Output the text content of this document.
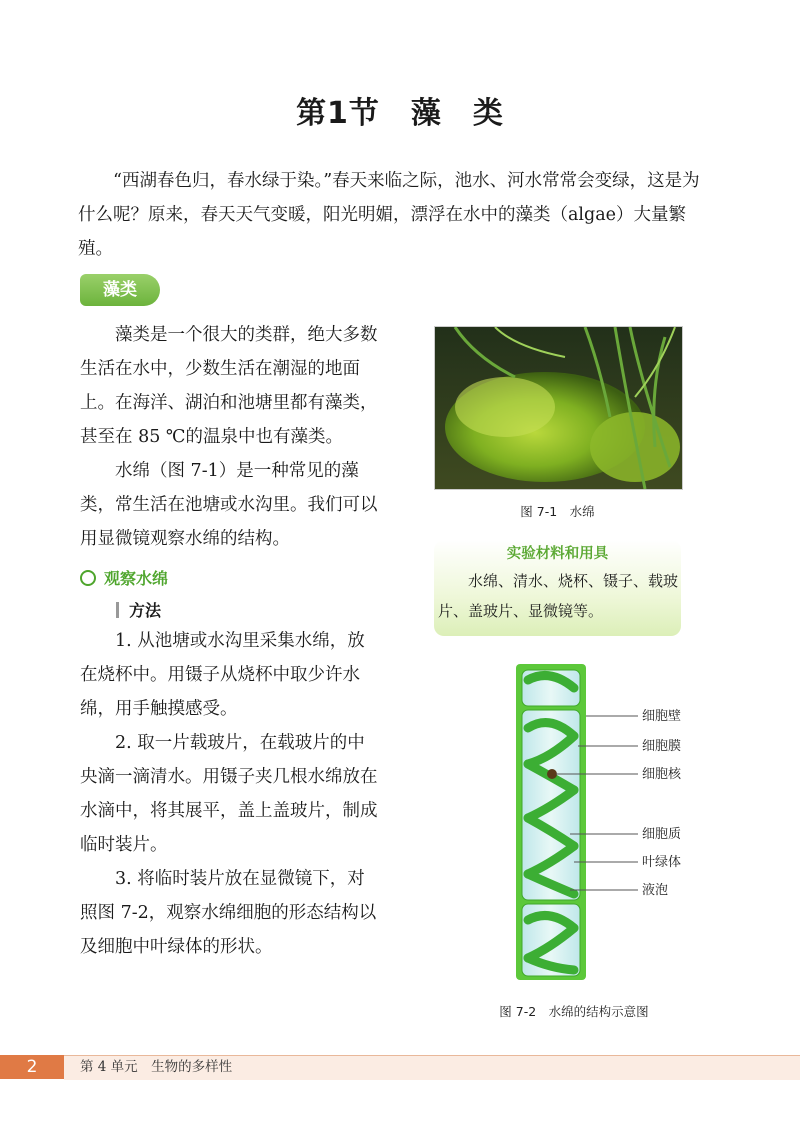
第1节　藻　类

“西湖春色归，春水绿于染。”春天来临之际，池水、河水常常会变绿，这是为什么呢？原来，春天天气变暖，阳光明媚，漂浮在水中的藻类（algae）大量繁殖。

藻类

藻类是一个很大的类群，绝大多数生活在水中，少数生活在潮湿的地面上。在海洋、湖泊和池塘里都有藻类，甚至在 85 ℃的温泉中也有藻类。

水绵（图 7-1）是一种常见的藻类，常生活在池塘或水沟里。我们可以用显微镜观察水绵的结构。

图 7-1　水绵
实验材料和用具

水绵、清水、烧杯、镊子、载玻片、盖玻片、显微镜等。

观察水绵
方法

1. 从池塘或水沟里采集水绵，放在烧杯中。用镊子从烧杯中取少许水绵，用手触摸感受。

2. 取一片载玻片，在载玻片的中央滴一滴清水。用镊子夹几根水绵放在水滴中，将其展平，盖上盖玻片，制成临时装片。

3. 将临时装片放在显微镜下，对照图 7-2，观察水绵细胞的形态结构以及细胞中叶绿体的形状。

细胞壁
细胞膜
细胞核
细胞质
叶绿体
液泡
图 7-2　水绵的结构示意图
2	第 4 单元　生物的多样性
